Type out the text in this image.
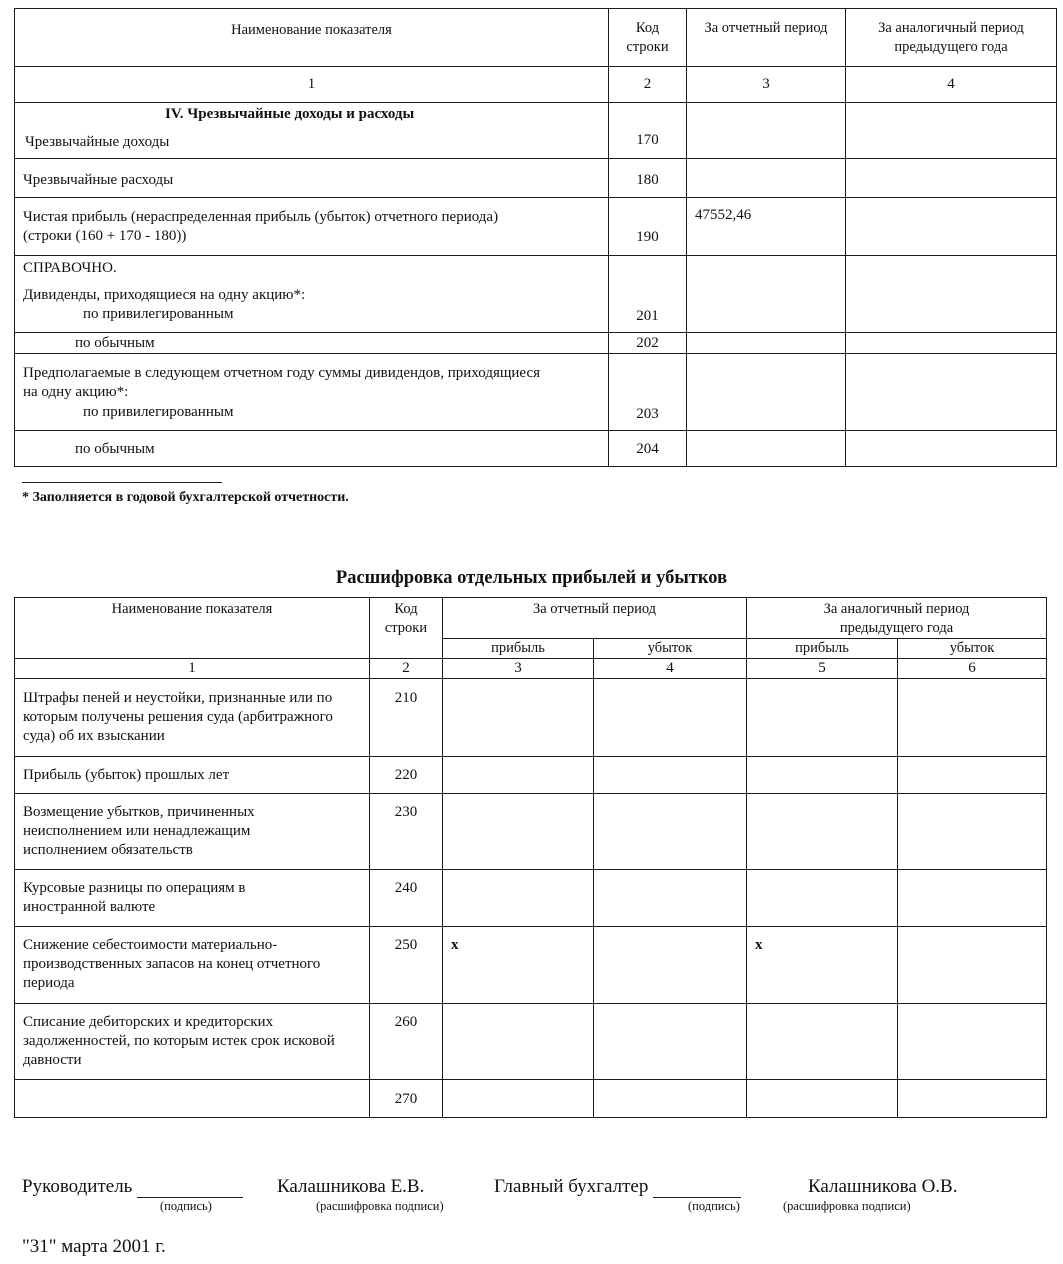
Наименование показателя	Код строки	За отчетный период	За аналогичный период предыдущего года
1	2	3	4

IV. Чрезвычайные доходы и расходы
Чрезвычайные доходы	170		
Чрезвычайные расходы	180		
Чистая прибыль (нераспределенная прибыль (убыток) отчетного периода) (строки (160 + 170 - 180))	190	47552,46	

СПРАВОЧНО.
Дивиденды, приходящиеся на одну акцию*:
по привилегированным	201		
по обычным	202		

Предполагаемые в следующем отчетном году суммы дивидендов, приходящиеся на одну акцию*:
по привилегированным	203		
по обычным	204		
* Заполняется в годовой бухгалтерской отчетности.
Расшифровка отдельных прибылей и убытков
Наименование показателя	Код строки	За отчетный период		За аналогичный период предыдущего года	
		прибыль	убыток	прибыль	убыток
1	2	3	4	5	6
Штрафы пеней и неустойки, признанные или по которым получены решения суда (арбитражного суда) об их взыскании	210				
Прибыль (убыток) прошлых лет	220				
Возмещение убытков, причиненных неисполнением или ненадлежащим исполнением обязательств	230				
Курсовые разницы по операциям в иностранной валюте	240				
Снижение себестоимости материально-производственных запасов на конец отчетного периода	250	х		х	
Списание дебиторских и кредиторских задолженностей, по которым истек срок исковой давности	260				
	270				
Руководитель	Калашникова Е.В.	Главный бухгалтер	Калашникова О.В.
(подпись)	(расшифровка подписи)	(подпись)	(расшифровка подписи)
"31" марта 2001 г.
